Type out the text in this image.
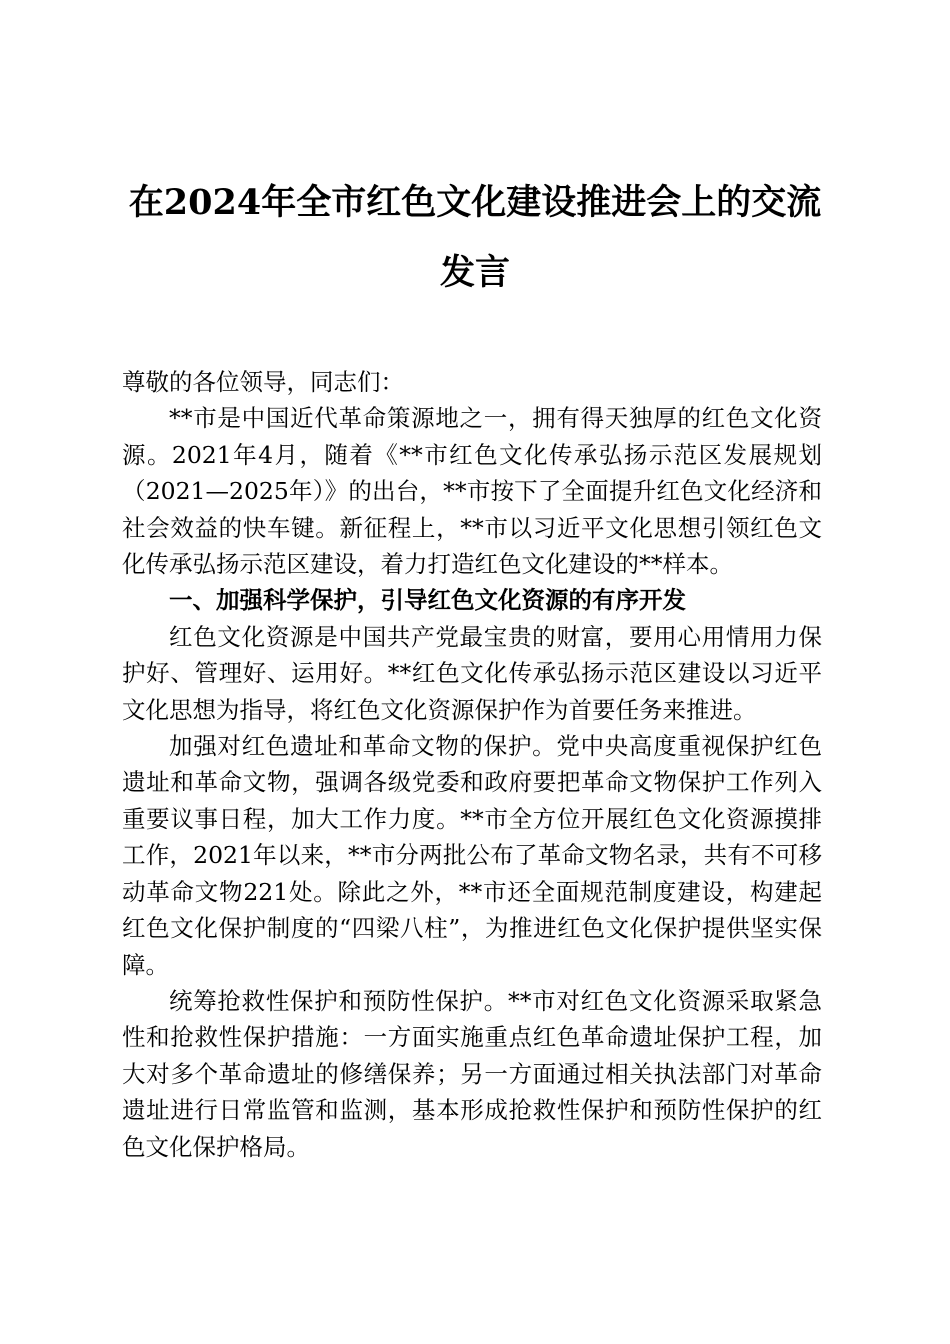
在2024年全市红色文化建设推进会上的交流
发言

尊敬的各位领导，同志们：

**市是中国近代革命策源地之一，拥有得天独厚的红色文化资源。2021年4月，随着《**市红色文化传承弘扬示范区发展规划（2021—2025年）》的出台，**市按下了全面提升红色文化经济和社会效益的快车键。新征程上，**市以习近平文化思想引领红色文化传承弘扬示范区建设，着力打造红色文化建设的**样本。

一、加强科学保护，引导红色文化资源的有序开发

红色文化资源是中国共产党最宝贵的财富，要用心用情用力保护好、管理好、运用好。**红色文化传承弘扬示范区建设以习近平文化思想为指导，将红色文化资源保护作为首要任务来推进。

加强对红色遗址和革命文物的保护。党中央高度重视保护红色遗址和革命文物，强调各级党委和政府要把革命文物保护工作列入重要议事日程，加大工作力度。**市全方位开展红色文化资源摸排工作，2021年以来，**市分两批公布了革命文物名录，共有不可移动革命文物221处。除此之外，**市还全面规范制度建设，构建起红色文化保护制度的“四梁八柱”，为推进红色文化保护提供坚实保障。

统筹抢救性保护和预防性保护。**市对红色文化资源采取紧急性和抢救性保护措施：一方面实施重点红色革命遗址保护工程，加大对多个革命遗址的修缮保养；另一方面通过相关执法部门对革命遗址进行日常监管和监测，基本形成抢救性保护和预防性保护的红色文化保护格局。
